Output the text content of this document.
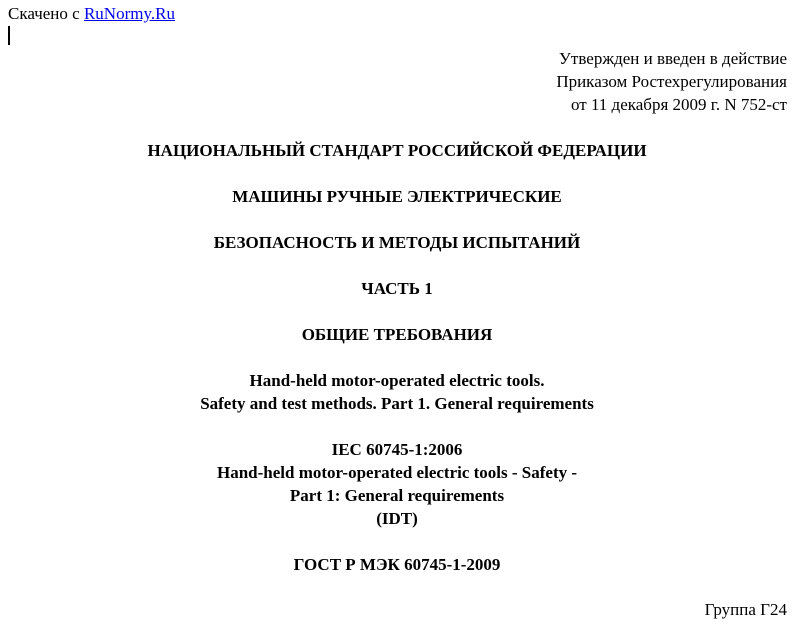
Скачено с RuNormy.Ru
Утвержден и введен в действие
Приказом Ростехрегулирования
от 11 декабря 2009 г. N 752-ст
НАЦИОНАЛЬНЫЙ СТАНДАРТ РОССИЙСКОЙ ФЕДЕРАЦИИ
МАШИНЫ РУЧНЫЕ ЭЛЕКТРИЧЕСКИЕ
БЕЗОПАСНОСТЬ И МЕТОДЫ ИСПЫТАНИЙ
ЧАСТЬ 1
ОБЩИЕ ТРЕБОВАНИЯ
Hand-held motor-operated electric tools.
Safety and test methods. Part 1. General requirements
IEC 60745-1:2006
Hand-held motor-operated electric tools - Safety -
Part 1: General requirements
(IDT)
ГОСТ Р МЭК 60745-1-2009
Группа Г24
